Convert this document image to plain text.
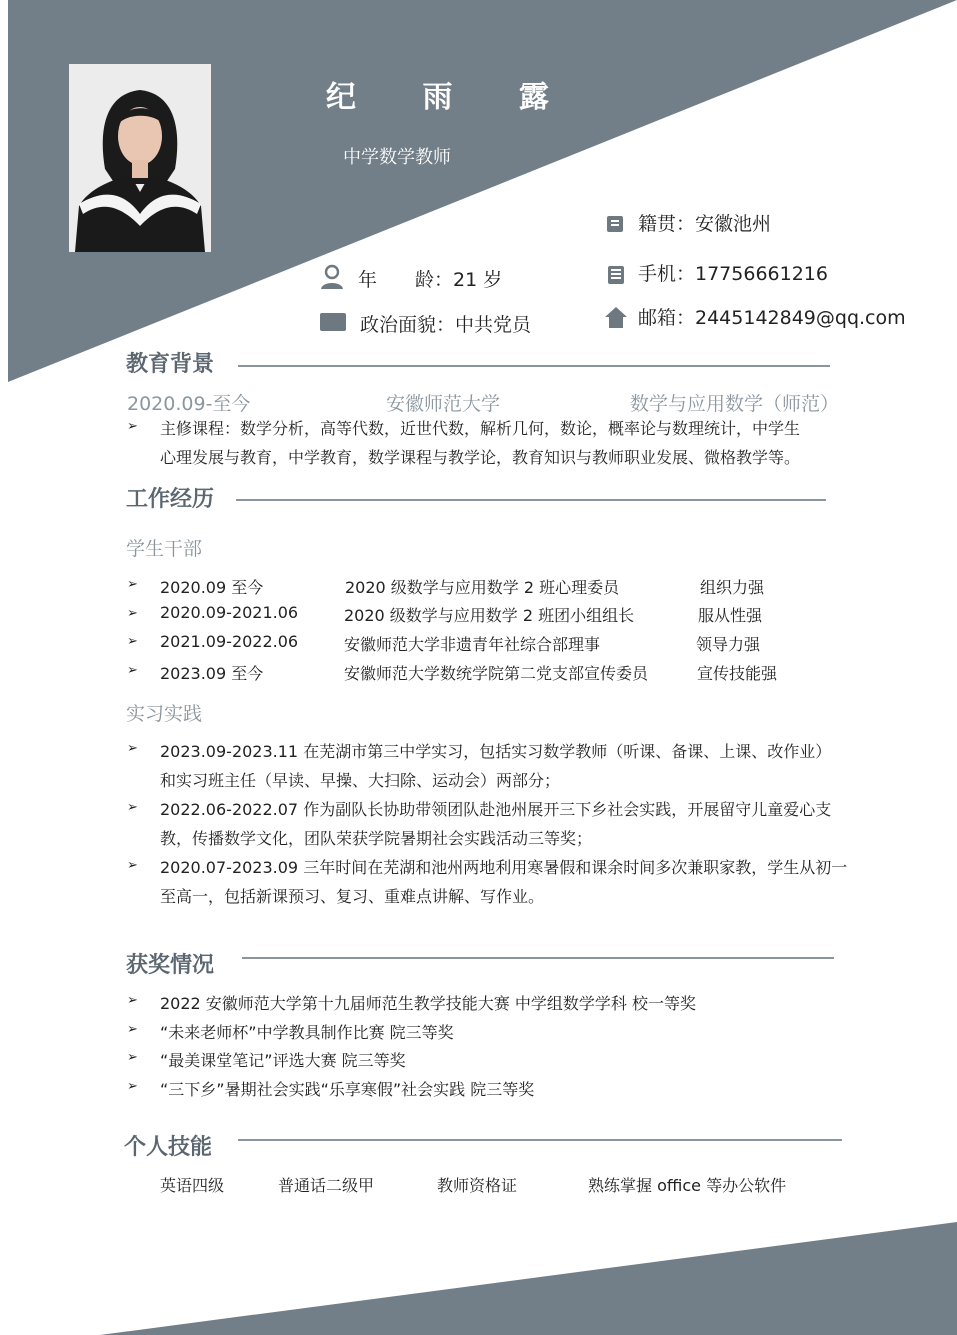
纪 雨 露
中学数学教师
籍贯：安徽池州
年　　龄：21 岁	手机：17756661216
政治面貌：中共党员	邮箱：2445142849@qq.com
教育背景
2020.09-至今	安徽师范大学	数学与应用数学（师范）
➢ 主修课程：数学分析，高等代数，近世代数，解析几何，数论，概率论与数理统计，中学生
心理发展与教育，中学教育，数学课程与教学论，教育知识与教师职业发展、微格教学等。
工作经历
学生干部
➢ 2020.09 至今	2020 级数学与应用数学 2 班心理委员	组织力强
➢ 2020.09-2021.06	2020 级数学与应用数学 2 班团小组组长	服从性强
➢ 2021.09-2022.06	安徽师范大学非遗青年社综合部理事	领导力强
➢ 2023.09 至今	安徽师范大学数统学院第二党支部宣传委员	宣传技能强
实习实践
➢ 2023.09-2023.11 在芜湖市第三中学实习，包括实习数学教师（听课、备课、上课、改作业）
和实习班主任（早读、早操、大扫除、运动会）两部分；
➢ 2022.06-2022.07 作为副队长协助带领团队赴池州展开三下乡社会实践，开展留守儿童爱心支
教，传播数学文化，团队荣获学院暑期社会实践活动三等奖；
➢ 2020.07-2023.09 三年时间在芜湖和池州两地利用寒暑假和课余时间多次兼职家教，学生从初一
至高一，包括新课预习、复习、重难点讲解、写作业。
获奖情况
➢ 2022 安徽师范大学第十九届师范生教学技能大赛 中学组数学学科 校一等奖
➢ “未来老师杯”中学教具制作比赛 院三等奖
➢ “最美课堂笔记”评选大赛 院三等奖
➢ “三下乡”暑期社会实践“乐享寒假”社会实践 院三等奖
个人技能
英语四级	普通话二级甲	教师资格证	熟练掌握 office 等办公软件
